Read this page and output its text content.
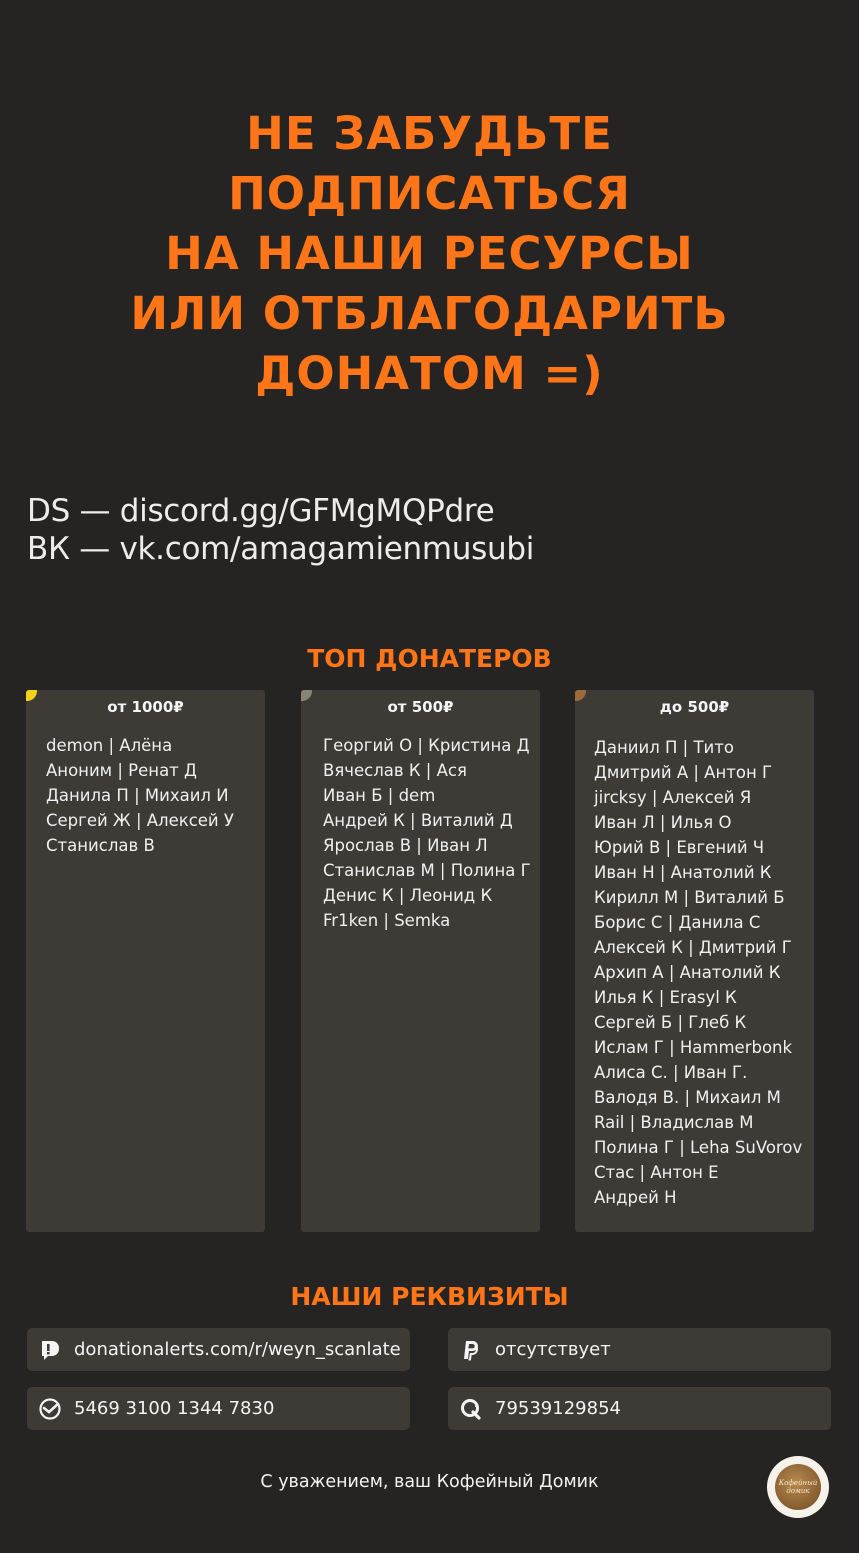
НЕ ЗАБУДЬТЕ
ПОДПИСАТЬСЯ
НА НАШИ РЕСУРСЫ
ИЛИ ОТБЛАГОДАРИТЬ
ДОНАТОМ =)
DS — discord.gg/GFMgMQPdre
ВК — vk.com/amagamienmusubi
ТОП ДОНАТЕРОВ
от 1000₽
demon | Алёна
Аноним | Ренат Д
Данила П | Михаил И
Сергей Ж | Алексей У
Станислав В
от 500₽
Георгий О | Кристина Д
Вячеслав К | Ася
Иван Б | dem
Андрей К | Виталий Д
Ярослав В | Иван Л
Станислав М | Полина Г
Денис К | Леонид К
Fr1ken | Semka
до 500₽
Даниил П | Тито
Дмитрий А | Антон Г
jircksy | Алексей Я
Иван Л | Илья О
Юрий В | Евгений Ч
Иван Н | Анатолий К
Кирилл М | Виталий Б
Борис С | Данила С
Алексей К | Дмитрий Г
Архип А | Анатолий К
Илья К | Erasyl К
Сергей Б | Глеб К
Ислам Г | Hammerbonk
Алиса С. | Иван Г.
Валодя В. | Михаил М
Rail | Владислав М
Полина Г | Leha SuVorov
Стас | Антон Е
Андрей Н
НАШИ РЕКВИЗИТЫ
donationalerts.com/r/weyn_scanlate	отсутствует
5469 3100 1344 7830	79539129854
С уважением, ваш Кофейный Домик	Кофейный домик
